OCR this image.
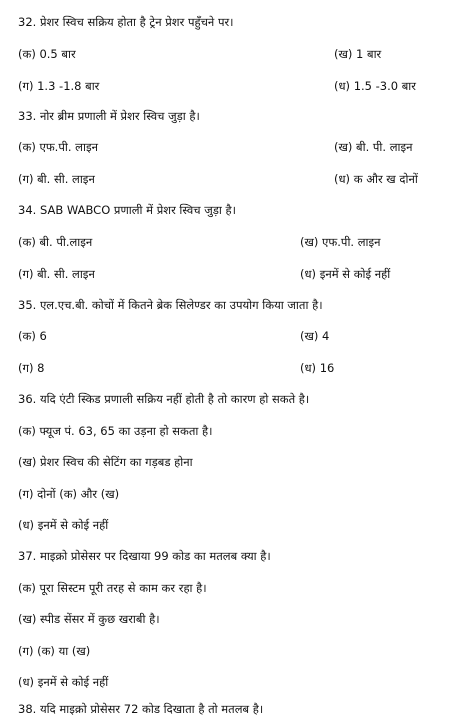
32. प्रेशर स्विच सक्रिय होता है ट्रेन प्रेशर पहुँचने पर।
(क) 0.5 बार	(ख) 1 बार
(ग) 1.3 -1.8 बार	(ध) 1.5 -3.0 बार
33. नोर ब्रीम प्रणाली में प्रेशर स्विच जुड़ा है।
(क) एफ.पी. लाइन	(ख) बी. पी. लाइन
(ग) बी. सी. लाइन	(ध) क और ख दोनों
34. SAB WABCO प्रणाली में प्रेशर स्विच जुड़ा है।
(क) बी. पी.लाइन	(ख) एफ.पी. लाइन
(ग) बी. सी. लाइन	(ध) इनमें से कोई नहीं
35. एल.एच.बी. कोचों में कितने ब्रेक सिलेण्डर का उपयोग किया जाता है।
(क) 6	(ख) 4
(ग) 8	(ध) 16
36. यदि एंटी स्किड प्रणाली सक्रिय नहीं होती है तो कारण हो सकते है।
(क) फ्यूज पं. 63, 65 का उड़ना हो सकता है।
(ख) प्रेशर स्विच की सेटिंग का गड़बड होना
(ग) दोनों (क) और (ख)
(ध) इनमें से कोई नहीं
37. माइक्रो प्रोसेसर पर दिखाया 99 कोड का मतलब क्या है।
(क) पूरा सिस्टम पूरी तरह से काम कर रहा है।
(ख) स्पीड सेंसर में कुछ खराबी है।
(ग) (क) या (ख)
(ध) इनमें से कोई नहीं
38. यदि माइक्रो प्रोसेसर 72 कोड दिखाता है तो मतलब है।
